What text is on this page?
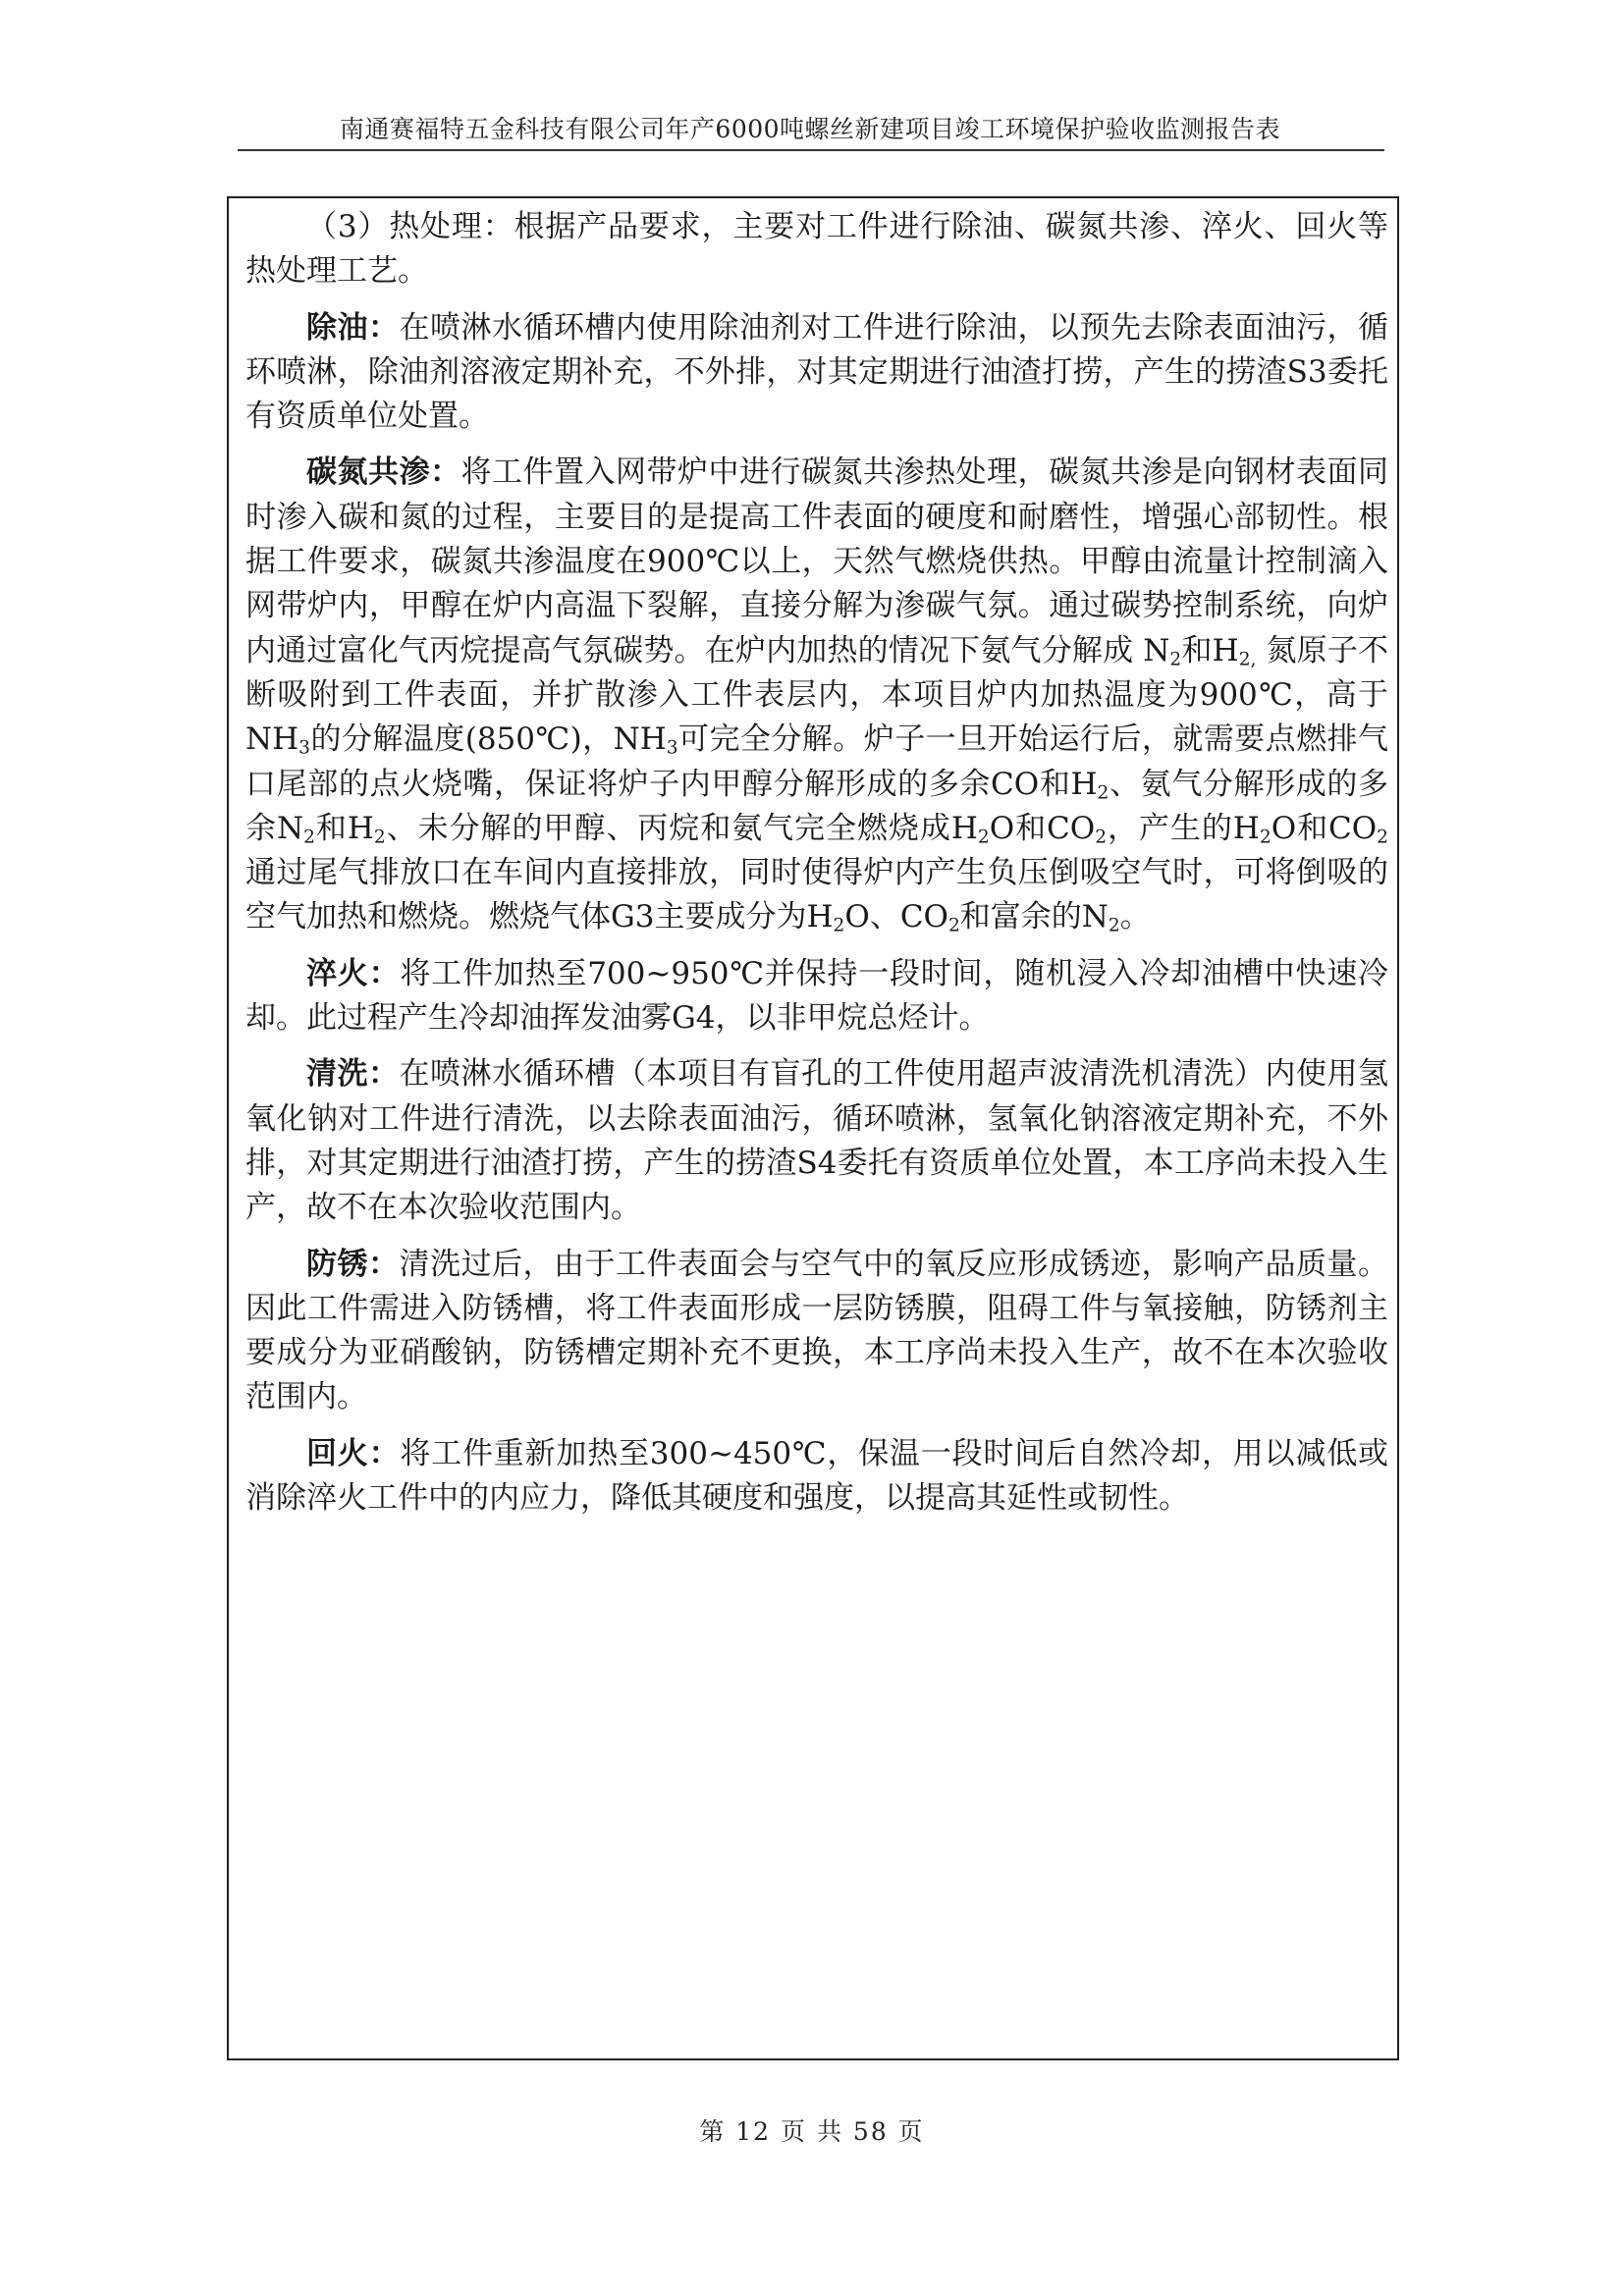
南通赛福特五金科技有限公司年产6000吨螺丝新建项目竣工环境保护验收监测报告表

（3）热处理：根据产品要求，主要对工件进行除油、碳氮共渗、淬火、回火等热处理工艺。

除油：在喷淋水循环槽内使用除油剂对工件进行除油，以预先去除表面油污，循环喷淋，除油剂溶液定期补充，不外排，对其定期进行油渣打捞，产生的捞渣S3委托有资质单位处置。

碳氮共渗：将工件置入网带炉中进行碳氮共渗热处理，碳氮共渗是向钢材表面同时渗入碳和氮的过程，主要目的是提高工件表面的硬度和耐磨性，增强心部韧性。根据工件要求，碳氮共渗温度在900℃以上，天然气燃烧供热。甲醇由流量计控制滴入网带炉内，甲醇在炉内高温下裂解，直接分解为渗碳气氛。通过碳势控制系统，向炉内通过富化气丙烷提高气氛碳势。在炉内加热的情况下氨气分解成 $N_2$和$H_{2,}$ 氮原子不断吸附到工件表面，并扩散渗入工件表层内，本项目炉内加热温度为900℃，高于$NH_3$的分解温度(850℃)，$NH_3$可完全分解。炉子一旦开始运行后，就需要点燃排气口尾部的点火烧嘴，保证将炉子内甲醇分解形成的多余CO和$H_2$、氨气分解形成的多余$N_2$和$H_2$、未分解的甲醇、丙烷和氨气完全燃烧成$H_2O$和$CO_2$，产生的$H_2O$和$CO_2$通过尾气排放口在车间内直接排放，同时使得炉内产生负压倒吸空气时，可将倒吸的空气加热和燃烧。燃烧气体G3主要成分为$H_2O$、$CO_2$和富余的$N_2$。

淬火：将工件加热至700~950℃并保持一段时间，随机浸入冷却油槽中快速冷却。此过程产生冷却油挥发油雾G4，以非甲烷总烃计。

清洗：在喷淋水循环槽（本项目有盲孔的工件使用超声波清洗机清洗）内使用氢氧化钠对工件进行清洗，以去除表面油污，循环喷淋，氢氧化钠溶液定期补充，不外排，对其定期进行油渣打捞，产生的捞渣S4委托有资质单位处置，本工序尚未投入生产，故不在本次验收范围内。

防锈：清洗过后，由于工件表面会与空气中的氧反应形成锈迹，影响产品质量。因此工件需进入防锈槽，将工件表面形成一层防锈膜，阻碍工件与氧接触，防锈剂主要成分为亚硝酸钠，防锈槽定期补充不更换，本工序尚未投入生产，故不在本次验收范围内。

回火：将工件重新加热至300~450℃，保温一段时间后自然冷却，用以减低或消除淬火工件中的内应力，降低其硬度和强度，以提高其延性或韧性。

第 12 页 共 58 页
